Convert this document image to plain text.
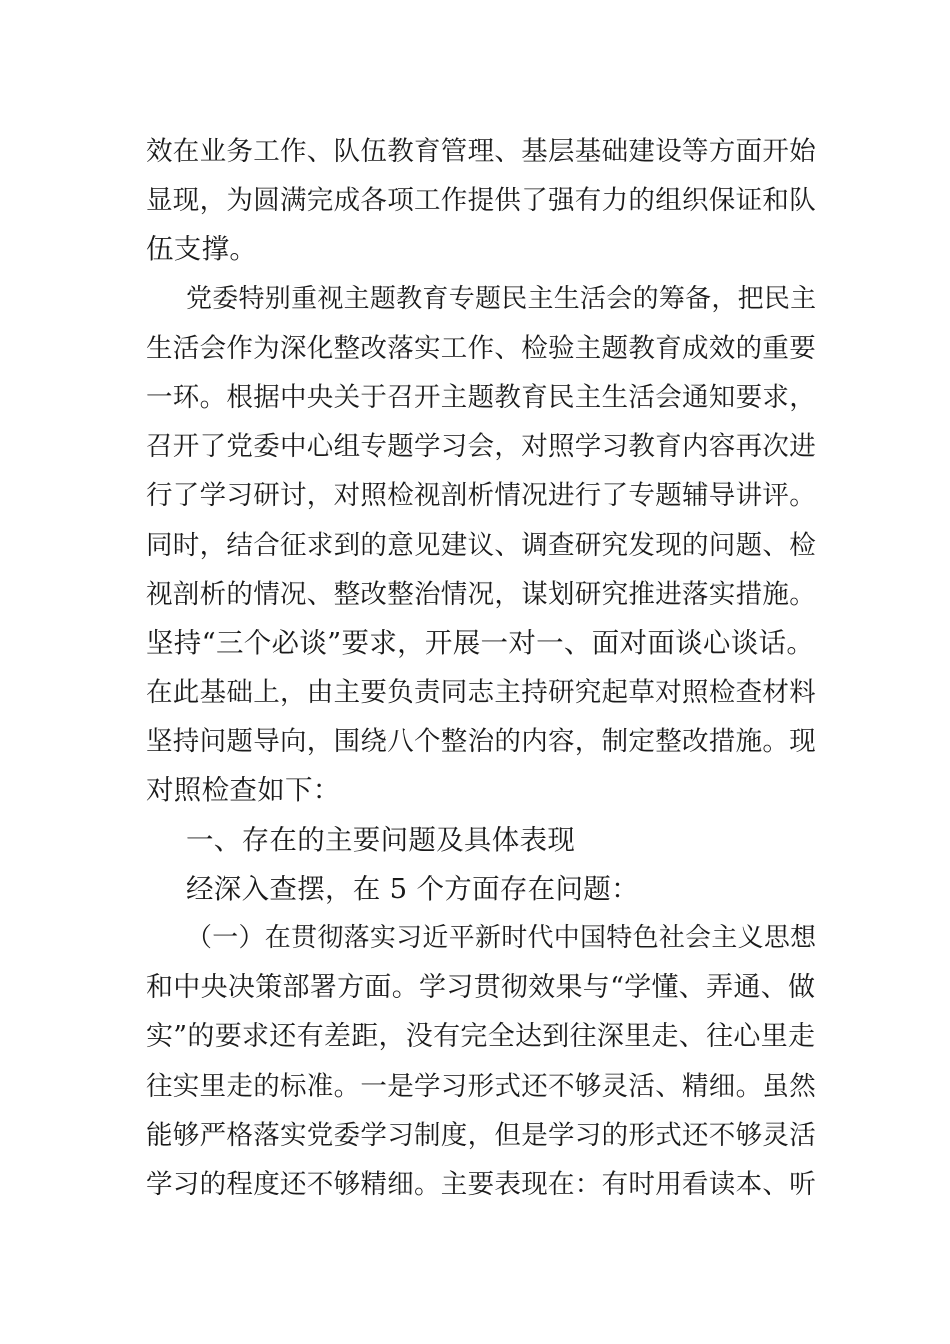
效在业务工作、队伍教育管理、基层基础建设等方面开始
显现，为圆满完成各项工作提供了强有力的组织保证和队
伍支撑。
党委特别重视主题教育专题民主生活会的筹备，把民主
生活会作为深化整改落实工作、检验主题教育成效的重要
一环。根据中央关于召开主题教育民主生活会通知要求，
召开了党委中心组专题学习会，对照学习教育内容再次进
行了学习研讨，对照检视剖析情况进行了专题辅导讲评。
同时，结合征求到的意见建议、调查研究发现的问题、检
视剖析的情况、整改整治情况，谋划研究推进落实措施。
坚持“三个必谈”要求，开展一对一、面对面谈心谈话。
在此基础上，由主要负责同志主持研究起草对照检查材料
坚持问题导向，围绕八个整治的内容，制定整改措施。现
对照检查如下：
一、存在的主要问题及具体表现
经深入查摆，在 5 个方面存在问题：
（一）在贯彻落实习近平新时代中国特色社会主义思想
和中央决策部署方面。学习贯彻效果与“学懂、弄通、做
实”的要求还有差距，没有完全达到往深里走、往心里走
往实里走的标准。一是学习形式还不够灵活、精细。虽然
能够严格落实党委学习制度，但是学习的形式还不够灵活
学习的程度还不够精细。主要表现在：有时用看读本、听
